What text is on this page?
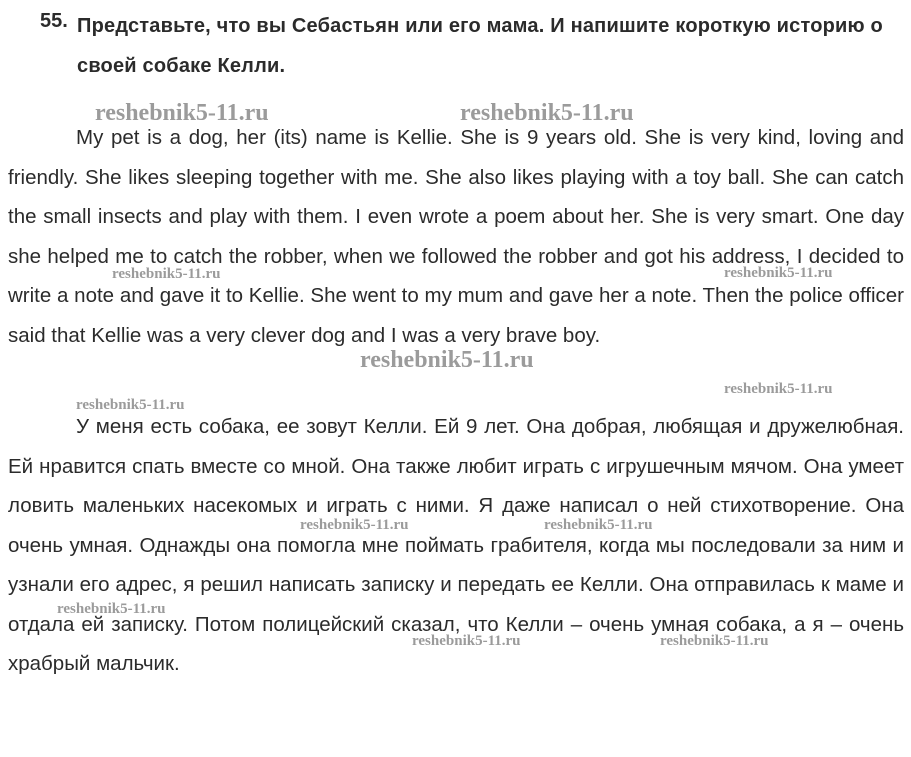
55. Представьте, что вы Себастьян или его мама. И напишите короткую историю о своей собаке Келли.

My pet is a dog, her (its) name is Kellie. She is 9 years old. She is very kind, loving and friendly. She likes sleeping together with me. She also likes playing with a toy ball. She can catch the small insects and play with them. I even wrote a poem about her. She is very smart. One day she helped me to catch the robber, when we followed the robber and got his address, I decided to write a note and gave it to Kellie. She went to my mum and gave her a note. Then the police officer said that Kellie was a very clever dog and I was a very brave boy.

У меня есть собака, ее зовут Келли. Ей 9 лет. Она добрая, любящая и дружелюбная. Ей нравится спать вместе со мной. Она также любит играть с игрушечным мячом. Она умеет ловить маленьких насекомых и играть с ними. Я даже написал о ней стихотворение. Она очень умная. Однажды она помогла мне поймать грабителя, когда мы последовали за ним и узнали его адрес, я решил написать записку и передать ее Келли. Она отправилась к маме и отдала ей записку. Потом полицейский сказал, что Келли – очень умная собака, а я – очень храбрый мальчик.

reshebnik5-11.ru	reshebnik5-11.ru
reshebnik5-11.ru	reshebnik5-11.ru
reshebnik5-11.ru
reshebnik5-11.ru
reshebnik5-11.ru
reshebnik5-11.ru	reshebnik5-11.ru
reshebnik5-11.ru
reshebnik5-11.ru	reshebnik5-11.ru
